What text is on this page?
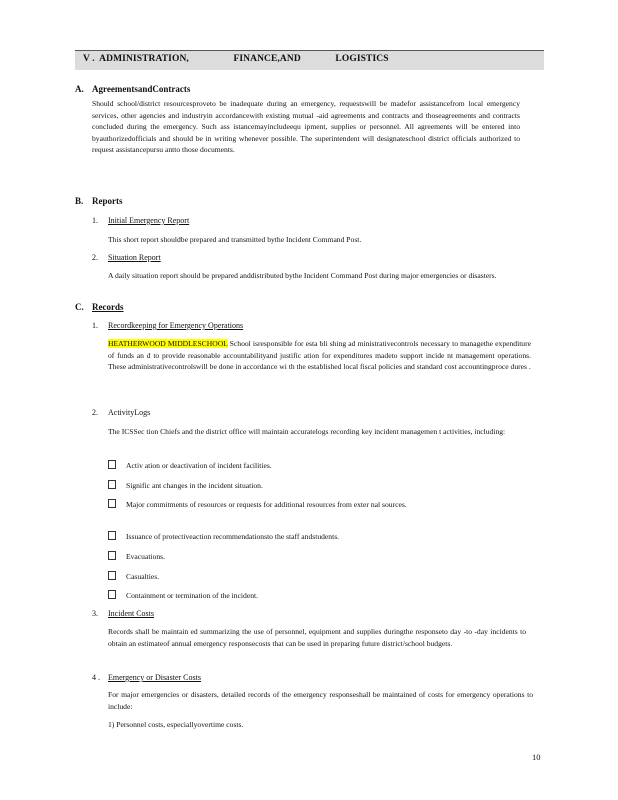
V .  ADMINISTRATION,                  FINANCE,AND              LOGISTICS
A. AgreementsandContracts
Should school/district resourcesproveto be inadequate during an emergency, requestswill be madefor assistancefrom local emergency services, other agencies and industryin accordancewith existing mutual -aid agreements and contracts and thoseagreements and contracts concluded during the emergency. Such ass istancemayincludeequ ipment, supplies or personnel. All agreements will be entered into byauthorizedofficials and should be in writing whenever possible. The superintendent will designateschool district officials authorized to request assistancepursu antto those documents.
B. Reports
1. Initial Emergency Report
This short report shouldbe prepared and transmitted bythe Incident Command Post.
2. Situation Report
A daily situation report should be prepared anddistributed bythe Incident Command Post during major emergencies or disasters.
C. Records
1. Recordkeeping for Emergency Operations
HEATHERWOOD MIDDLESCHOOL School isresponsible for esta bli shing ad ministrativecontrols necessary to managethe expenditure of funds an d to provide reasonable accountabilityand justific ation for expenditures madeto support incide nt management operations. These administrativecontrolswill be done in accordance wi th the established local fiscal policies and standard cost accountingproce dures .
2. ActivityLogs
The ICSSec tion Chiefs and the district office will maintain accuratelogs recording key incident managemen t activities, including:
Activ ation or deactivation of incident facilities.
Signific ant changes in the incident situation.
Major commitments of resources or requests for additional resources from exter nal sources.
Issuance of protectiveaction recommendationsto the staff andstudents.
Evacuations.
Casualties.
Containment or termination of the incident.
3. Incident Costs
Records shall be maintain ed summarizing the use of personnel, equipment and supplies duringthe responseto day -to -day incidents to obtain an estimateof annual emergency responsecosts that can be used in preparing future district/school budgets.
4 . Emergency or Disaster Costs
For major emergencies or disasters, detailed records of the emergency responseshall be maintained of costs for emergency operations to include:
1) Personnel costs, especiallyovertime costs.
10
